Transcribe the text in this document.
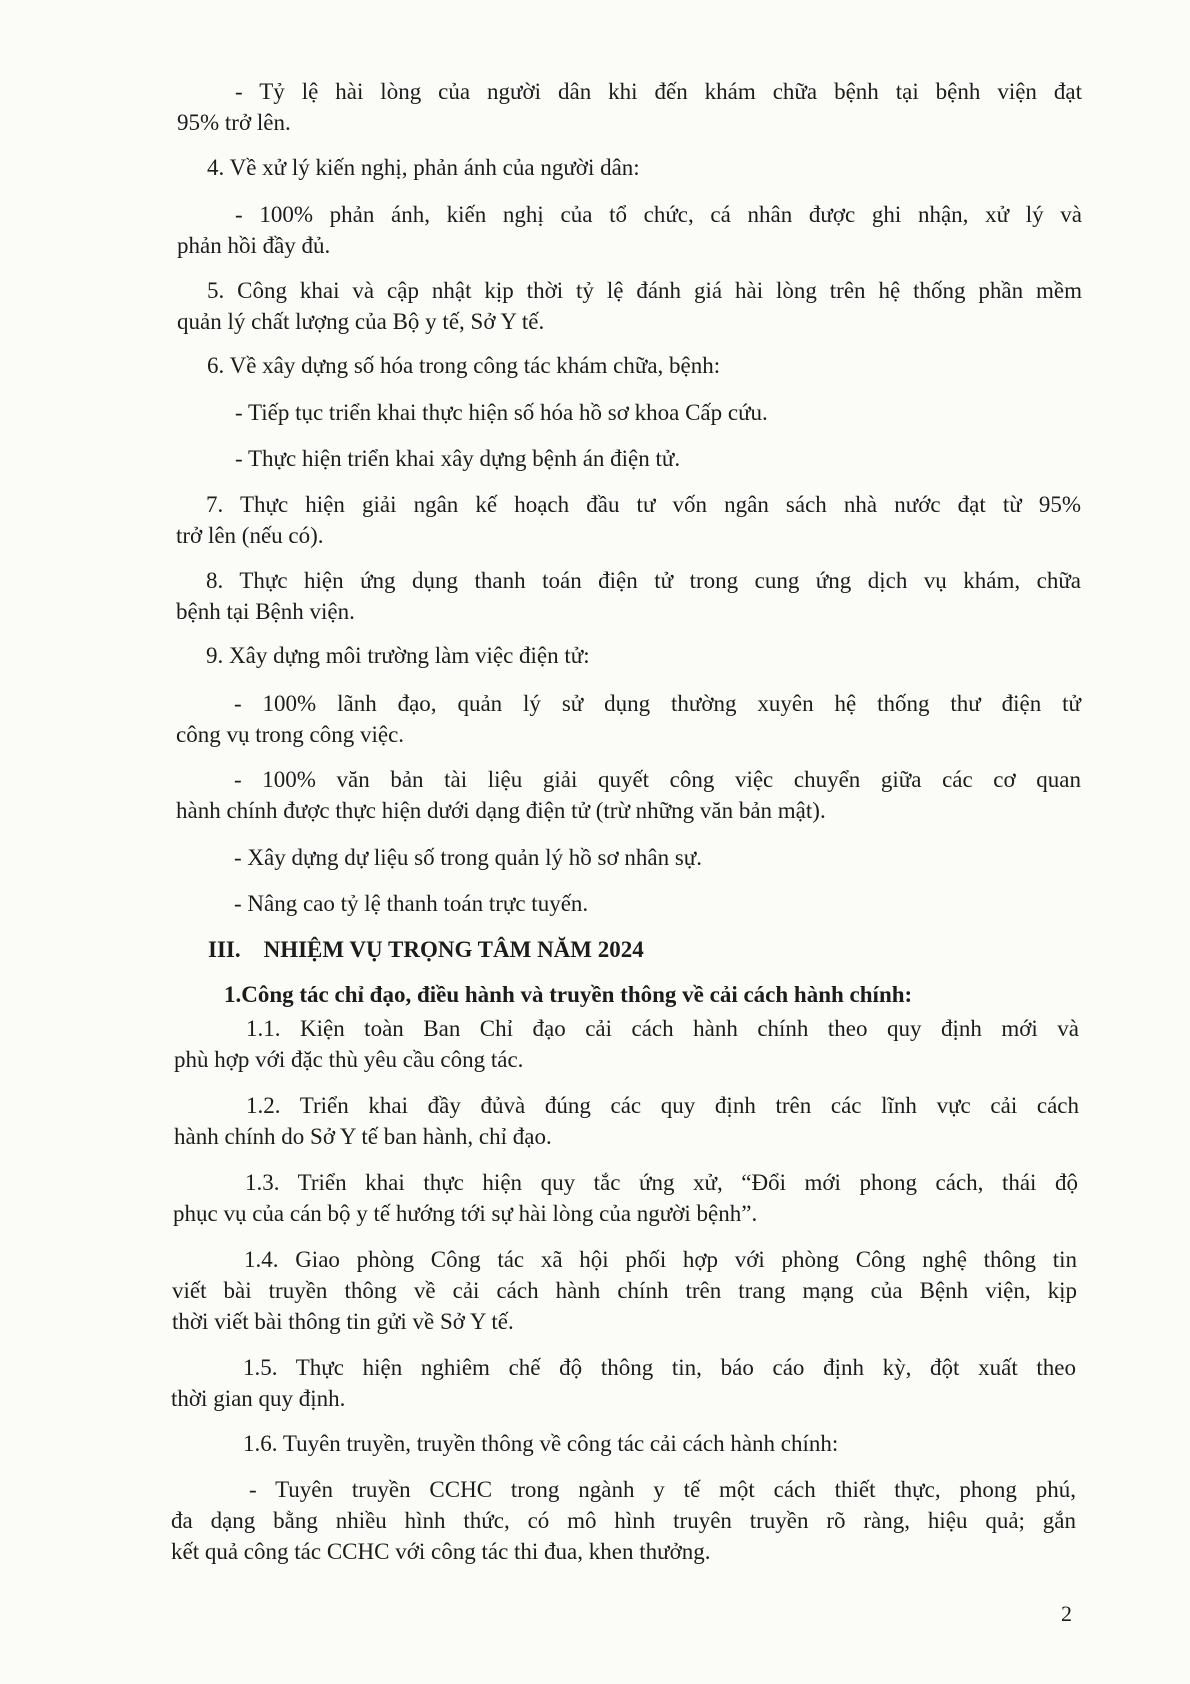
- Tỷ lệ hài lòng của người dân khi đến khám chữa bệnh tại bệnh viện đạt
95% trở lên.
4. Về xử lý kiến nghị, phản ánh của người dân:
- 100% phản ánh, kiến nghị của tổ chức, cá nhân được ghi nhận, xử lý và
phản hồi đầy đủ.
5. Công khai và cập nhật kịp thời tỷ lệ đánh giá hài lòng trên hệ thống phần mềm
quản lý chất lượng của Bộ y tế, Sở Y tế.
6. Về xây dựng số hóa trong công tác khám chữa, bệnh:
- Tiếp tục triển khai thực hiện số hóa hồ sơ khoa Cấp cứu.
- Thực hiện triển khai xây dựng bệnh án điện tử.
7. Thực hiện giải ngân kế hoạch đầu tư vốn ngân sách nhà nước đạt từ 95%
trở lên (nếu có).
8. Thực hiện ứng dụng thanh toán điện tử trong cung ứng dịch vụ khám, chữa
bệnh tại Bệnh viện.
9. Xây dựng môi trường làm việc điện tử:
- 100% lãnh đạo, quản lý sử dụng thường xuyên hệ thống thư điện tử
công vụ trong công việc.
- 100% văn bản tài liệu giải quyết công việc chuyển giữa các cơ quan
hành chính được thực hiện dưới dạng điện tử (trừ những văn bản mật).
- Xây dựng dự liệu số trong quản lý hồ sơ nhân sự.
- Nâng cao tỷ lệ thanh toán trực tuyến.
III.    NHIỆM VỤ TRỌNG TÂM NĂM 2024
1.Công tác chỉ đạo, điều hành và truyền thông về cải cách hành chính:
1.1. Kiện toàn Ban Chỉ đạo cải cách hành chính theo quy định mới và
phù hợp với đặc thù yêu cầu công tác.
1.2. Triển khai đầy đủvà đúng các quy định trên các lĩnh vực cải cách
hành chính do Sở Y tế ban hành, chỉ đạo.
1.3. Triển khai thực hiện quy tắc ứng xử, “Đổi mới phong cách, thái độ
phục vụ của cán bộ y tế hướng tới sự hài lòng của người bệnh”.
1.4. Giao phòng Công tác xã hội phối hợp với phòng Công nghệ thông tin
viết bài truyền thông về cải cách hành chính trên trang mạng của Bệnh viện, kịp
thời viết bài thông tin gửi về Sở Y tế.
1.5. Thực hiện nghiêm chế độ thông tin, báo cáo định kỳ, đột xuất theo
thời gian quy định.
1.6. Tuyên truyền, truyền thông về công tác cải cách hành chính:
- Tuyên truyền CCHC trong ngành y tế một cách thiết thực, phong phú,
đa dạng bằng nhiều hình thức, có mô hình truyên truyền rõ ràng, hiệu quả; gắn
kết quả công tác CCHC với công tác thi đua, khen thưởng.
2
